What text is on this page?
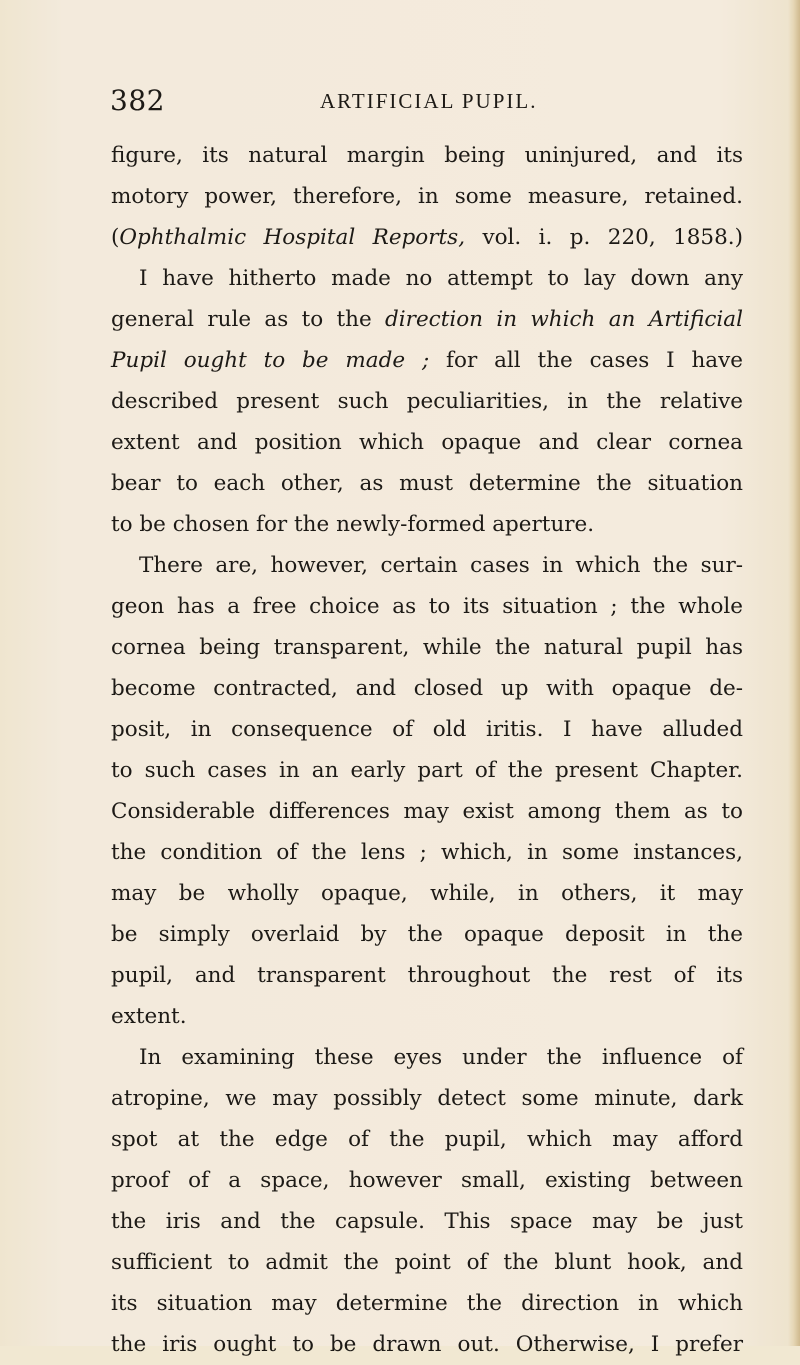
382	ARTIFICIAL PUPIL.
figure, its natural margin being uninjured, and its
motory power, therefore, in some measure, retained.
(Ophthalmic Hospital Reports, vol. i. p. 220, 1858.)
I have hitherto made no attempt to lay down any
general rule as to the direction in which an Artificial
Pupil ought to be made ; for all the cases I have
described present such peculiarities, in the relative
extent and position which opaque and clear cornea
bear to each other, as must determine the situation
to be chosen for the newly-formed aperture.
There are, however, certain cases in which the sur-
geon has a free choice as to its situation ; the whole
cornea being transparent, while the natural pupil has
become contracted, and closed up with opaque de-
posit, in consequence of old iritis. I have alluded
to such cases in an early part of the present Chapter.
Considerable differences may exist among them as to
the condition of the lens ; which, in some instances,
may be wholly opaque, while, in others, it may
be simply overlaid by the opaque deposit in the
pupil, and transparent throughout the rest of its
extent.
In examining these eyes under the influence of
atropine, we may possibly detect some minute, dark
spot at the edge of the pupil, which may afford
proof of a space, however small, existing between
the iris and the capsule. This space may be just
sufficient to admit the point of the blunt hook, and
its situation may determine the direction in which
the iris ought to be drawn out. Otherwise, I prefer
